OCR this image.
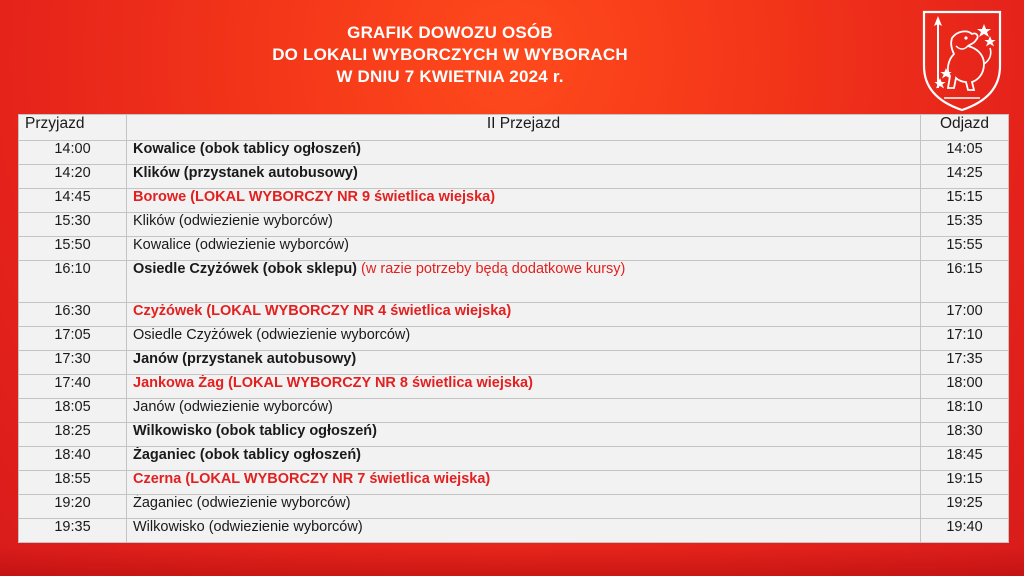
GRAFIK DOWOZU OSÓB
DO LOKALI WYBORCZYCH W WYBORACH
W DNIU 7 KWIETNIA 2024 r.
Przyjazd	II Przejazd	Odjazd
14:00	Kowalice (obok tablicy ogłoszeń)	14:05
14:20	Klików (przystanek autobusowy)	14:25
14:45	Borowe (LOKAL WYBORCZY NR 9 świetlica wiejska)	15:15
15:30	Klików (odwiezienie wyborców)	15:35
15:50	Kowalice (odwiezienie wyborców)	15:55
16:10	Osiedle Czyżówek (obok sklepu) (w razie potrzeby będą dodatkowe kursy)	16:15
16:30	Czyżówek (LOKAL WYBORCZY NR 4 świetlica wiejska)	17:00
17:05	Osiedle Czyżówek (odwiezienie wyborców)	17:10
17:30	Janów (przystanek autobusowy)	17:35
17:40	Jankowa Żag (LOKAL WYBORCZY NR 8 świetlica wiejska)	18:00
18:05	Janów (odwiezienie wyborców)	18:10
18:25	Wilkowisko (obok tablicy ogłoszeń)	18:30
18:40	Żaganiec (obok tablicy ogłoszeń)	18:45
18:55	Czerna (LOKAL WYBORCZY NR 7 świetlica wiejska)	19:15
19:20	Żaganiec (odwiezienie wyborców)	19:25
19:35	Wilkowisko (odwiezienie wyborców)	19:40
